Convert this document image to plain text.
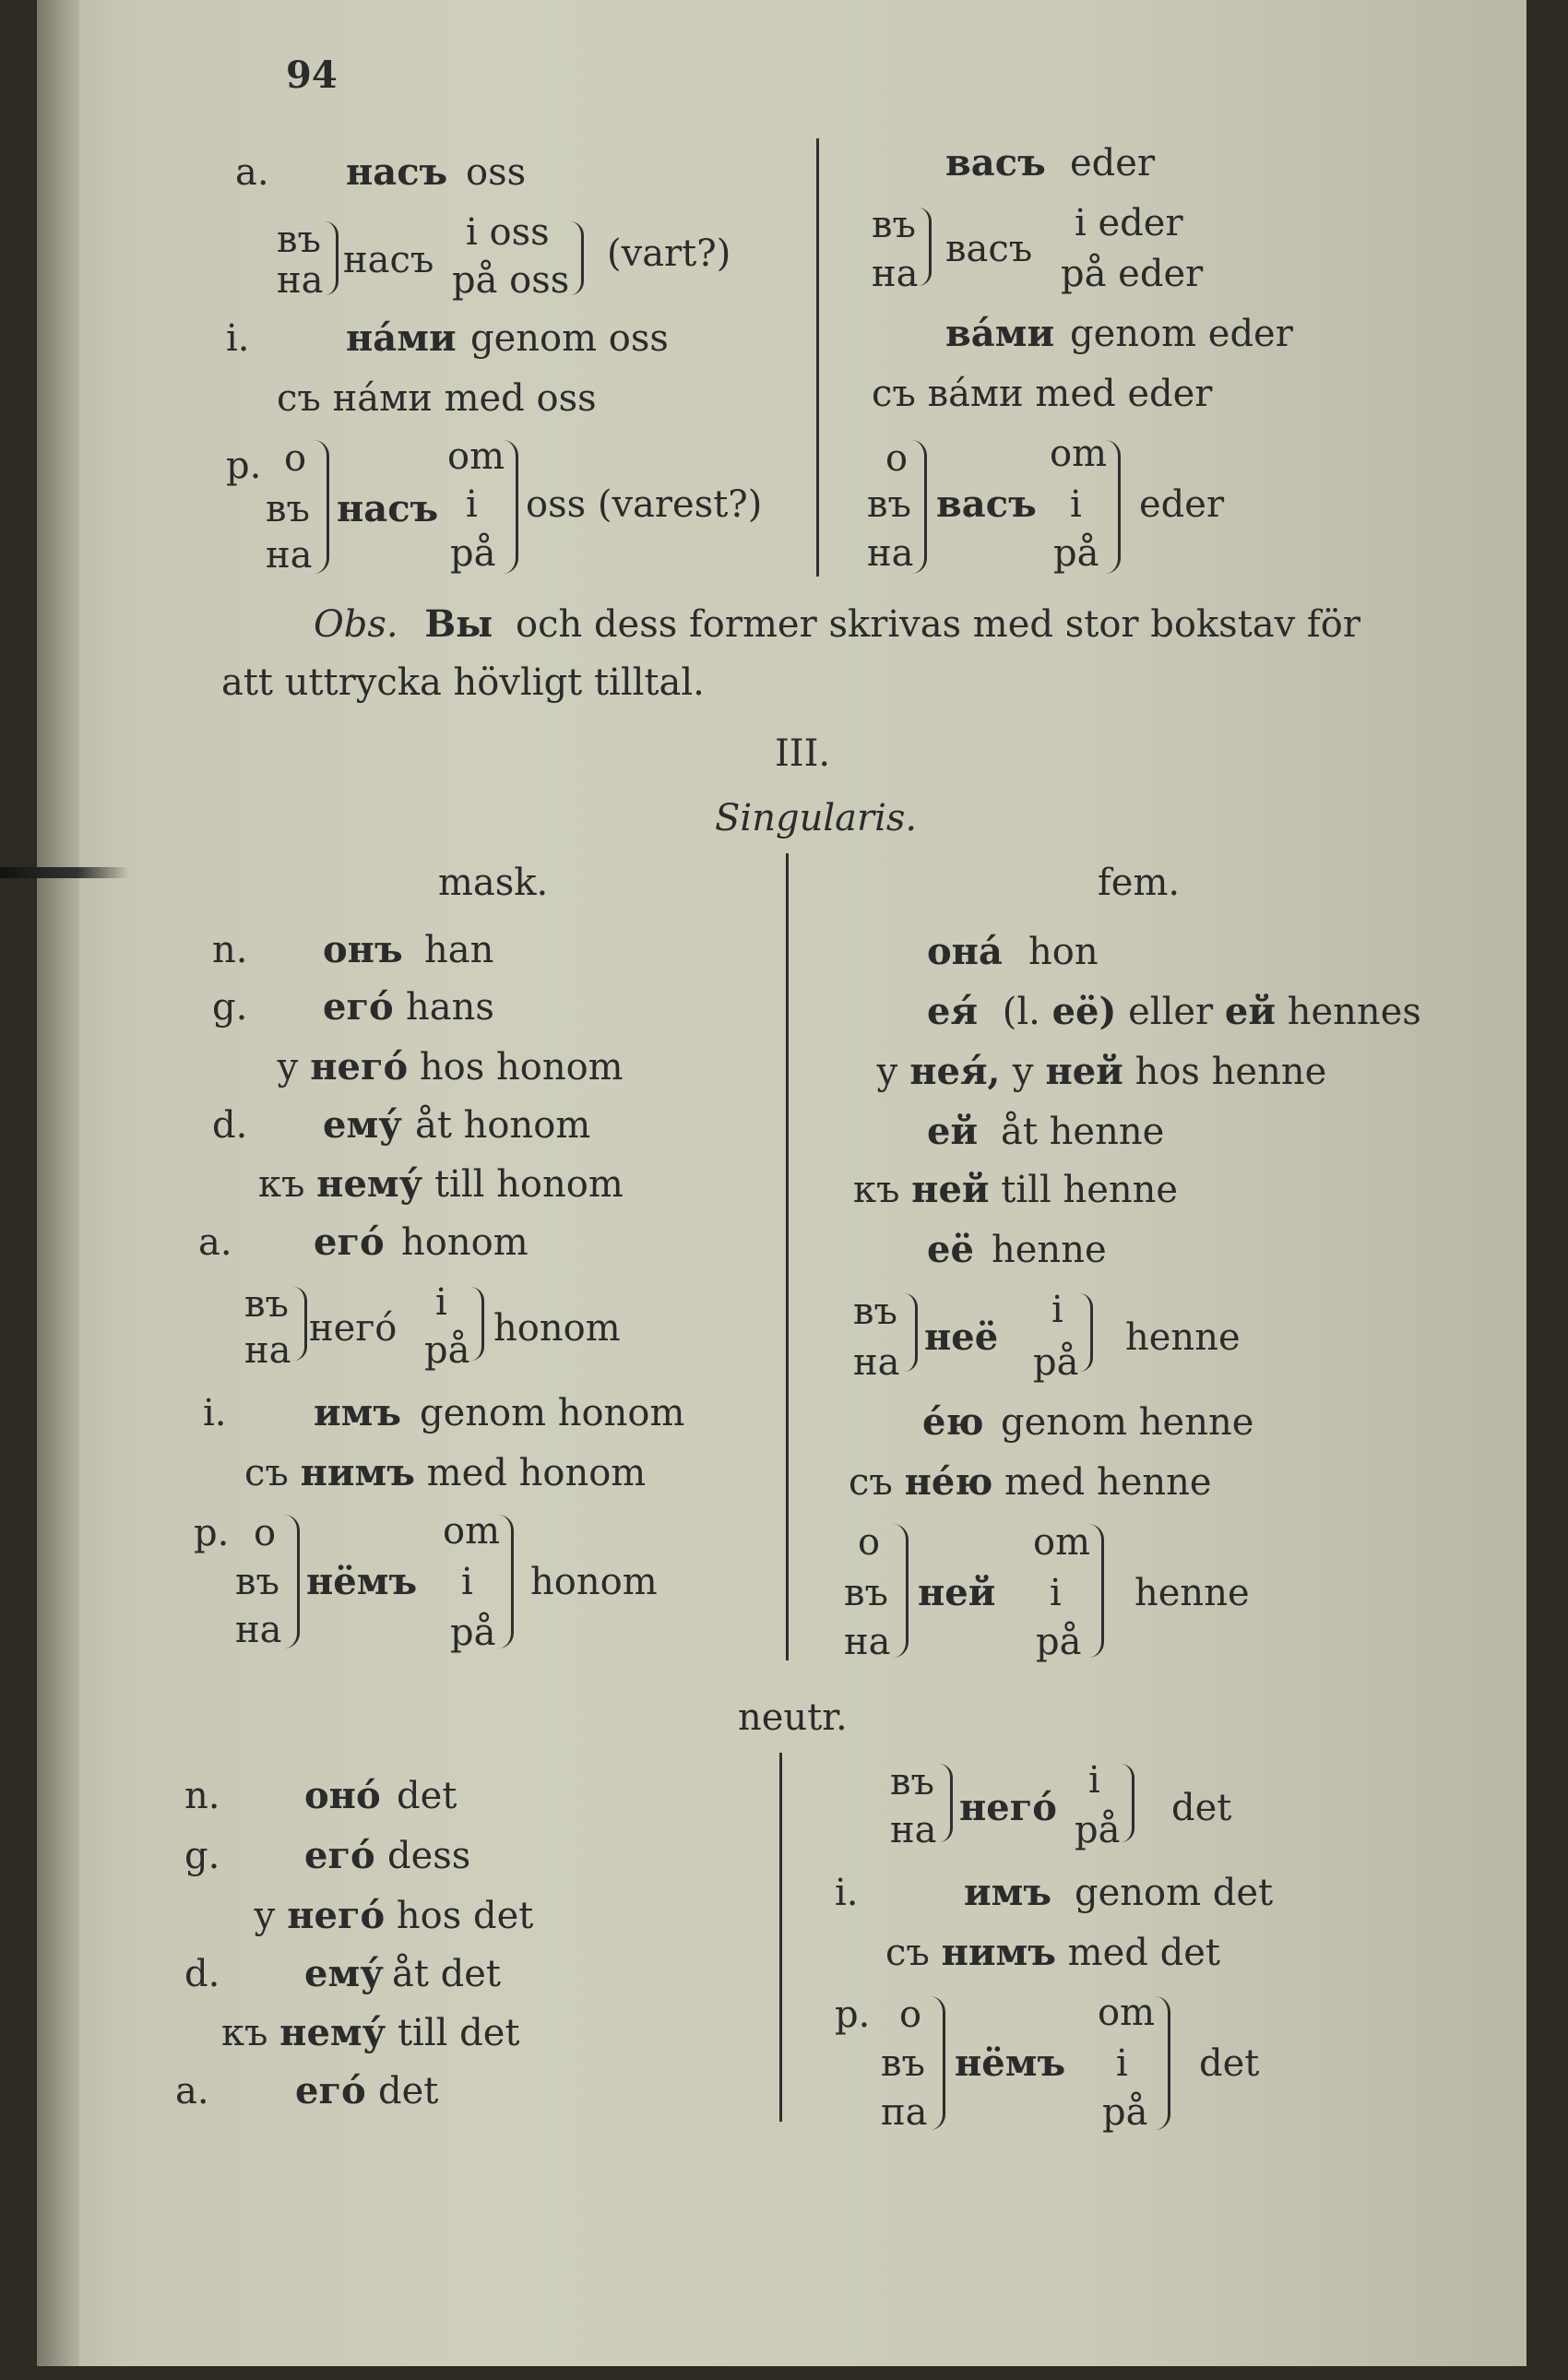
94
a. насъ oss
въ
на насъ
i oss
på oss
(vart?)
i.	нáми genom oss
съ нáми med oss
p. о
въ
на
насъ
om
i
på
oss (varest?)
васъ eder
въ
на
васъ
i eder
på eder
вáми genom eder
съ вáми med eder
о
въ
на
васъ
om
i
på
eder
Obs. Вы och dess former skrivas med stor bokstav för
att uttrycka hövligt tilltal.
III.
Singularis.
mask.
n. онъ han
g. егó hans
у негó hos honom
d. ему́ åt honom
къ нему́ till honom
a. егó honom
въ
на
негó
i
på
honom
i. имъ genom honom
съ нимъ med honom
p. о
въ
на
нёмъ
om
i
på
honom
fem.
онá hon
ея́ (l. её) eller ей hennes
у нея́, у ней hos henne
ей åt henne
къ ней till henne
её henne
въ
на
неё
i
på
henne
éю genom henne
съ нéю med henne
о
въ
на
ней
om
i
på
henne
neutr.
n. онó det
g. егó dess
у негó hos det
d. ему́ åt det
къ нему́ till det
a. егó det
въ
на
негó
i
på
det
i.	имъ genom det
съ нимъ med det
p. о
въ
па
нёмъ
om
i
på
det
